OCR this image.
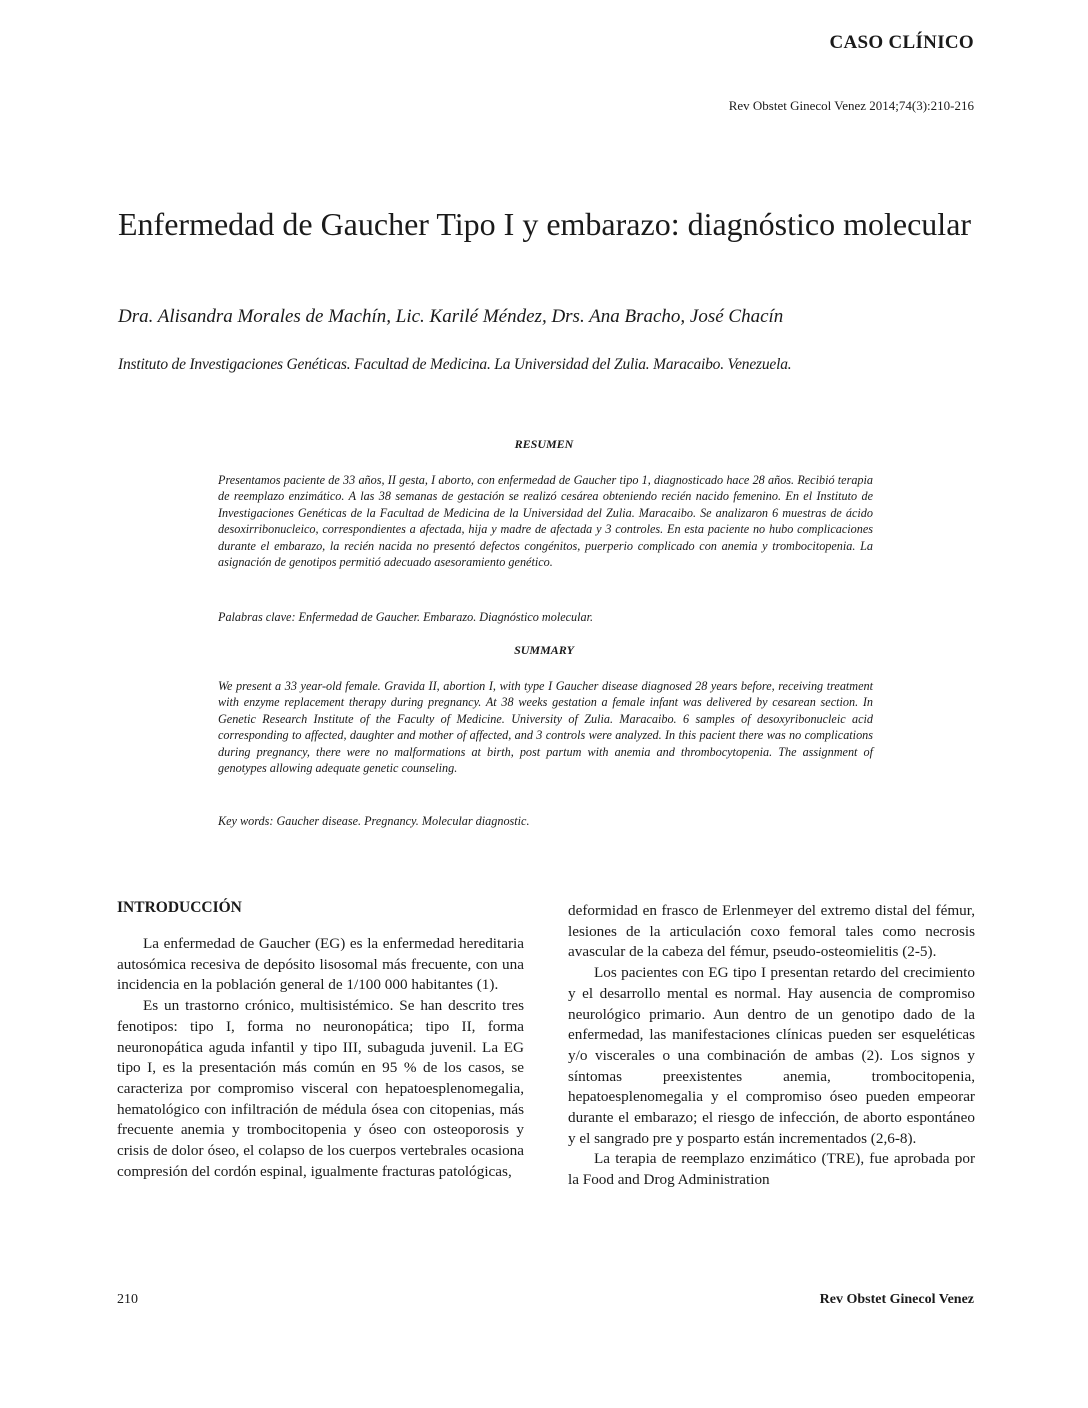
CASO CLÍNICO
Rev Obstet Ginecol Venez 2014;74(3):210-216
Enfermedad de Gaucher Tipo I y embarazo: diagnóstico molecular
Dra. Alisandra Morales de Machín, Lic. Karilé Méndez, Drs. Ana Bracho, José Chacín
Instituto de Investigaciones Genéticas. Facultad de Medicina. La Universidad del Zulia. Maracaibo. Venezuela.
RESUMEN
Presentamos paciente de 33 años, II gesta, I aborto, con enfermedad de Gaucher tipo 1, diagnosticado hace 28 años. Recibió terapia de reemplazo enzimático. A las 38 semanas de gestación se realizó cesárea obteniendo recién nacido femenino. En el Instituto de Investigaciones Genéticas de la Facultad de Medicina de la Universidad del Zulia. Maracaibo. Se analizaron 6 muestras de ácido desoxirribonucleico, correspondientes a afectada, hija y madre de afectada y 3 controles. En esta paciente no hubo complicaciones durante el embarazo, la recién nacida no presentó defectos congénitos, puerperio complicado con anemia y trombocitopenia. La asignación de genotipos permitió adecuado asesoramiento genético.
Palabras clave: Enfermedad de Gaucher. Embarazo. Diagnóstico molecular.
SUMMARY
We present a 33 year-old female. Gravida II, abortion I, with type I Gaucher disease diagnosed 28 years before, receiving treatment with enzyme replacement therapy during pregnancy. At 38 weeks gestation a female infant was delivered by cesarean section. In Genetic Research Institute of the Faculty of Medicine. University of Zulia. Maracaibo. 6 samples of desoxyribonucleic acid corresponding to affected, daughter and mother of affected, and 3 controls were analyzed. In this pacient there was no complications during pregnancy, there were no malformations at birth, post partum with anemia and thrombocytopenia. The assignment of genotypes allowing adequate genetic counseling.
Key words: Gaucher disease. Pregnancy. Molecular diagnostic.
INTRODUCCIÓN

La enfermedad de Gaucher (EG) es la enfermedad hereditaria autosómica recesiva de depósito lisosomal más frecuente, con una incidencia en la población general de 1/100 000 habitantes (1).

Es un trastorno crónico, multisistémico. Se han descrito tres fenotipos: tipo I, forma no neuronopática; tipo II, forma neuronopática aguda infantil y tipo III, subaguda juvenil. La EG tipo I, es la presentación más común en 95 % de los casos, se caracteriza por compromiso visceral con hepatoesplenomegalia, hematológico con infiltración de médula ósea con citopenias, más frecuente anemia y trombocitopenia y óseo con osteoporosis y crisis de dolor óseo, el colapso de los cuerpos vertebrales ocasiona compresión del cordón espinal, igualmente fracturas patológicas,

deformidad en frasco de Erlenmeyer del extremo distal del fémur, lesiones de la articulación coxo femoral tales como necrosis avascular de la cabeza del fémur, pseudo-osteomielitis (2-5).

Los pacientes con EG tipo I presentan retardo del crecimiento y el desarrollo mental es normal. Hay ausencia de compromiso neurológico primario. Aun dentro de un genotipo dado de la enfermedad, las manifestaciones clínicas pueden ser esqueléticas y/o viscerales o una combinación de ambas (2). Los signos y síntomas preexistentes anemia, trombocitopenia, hepatoesplenomegalia y el compromiso óseo pueden empeorar durante el embarazo; el riesgo de infección, de aborto espontáneo y el sangrado pre y posparto están incrementados (2,6-8).

La terapia de reemplazo enzimático (TRE), fue aprobada por la Food and Drog Administration

210	Rev Obstet Ginecol Venez
